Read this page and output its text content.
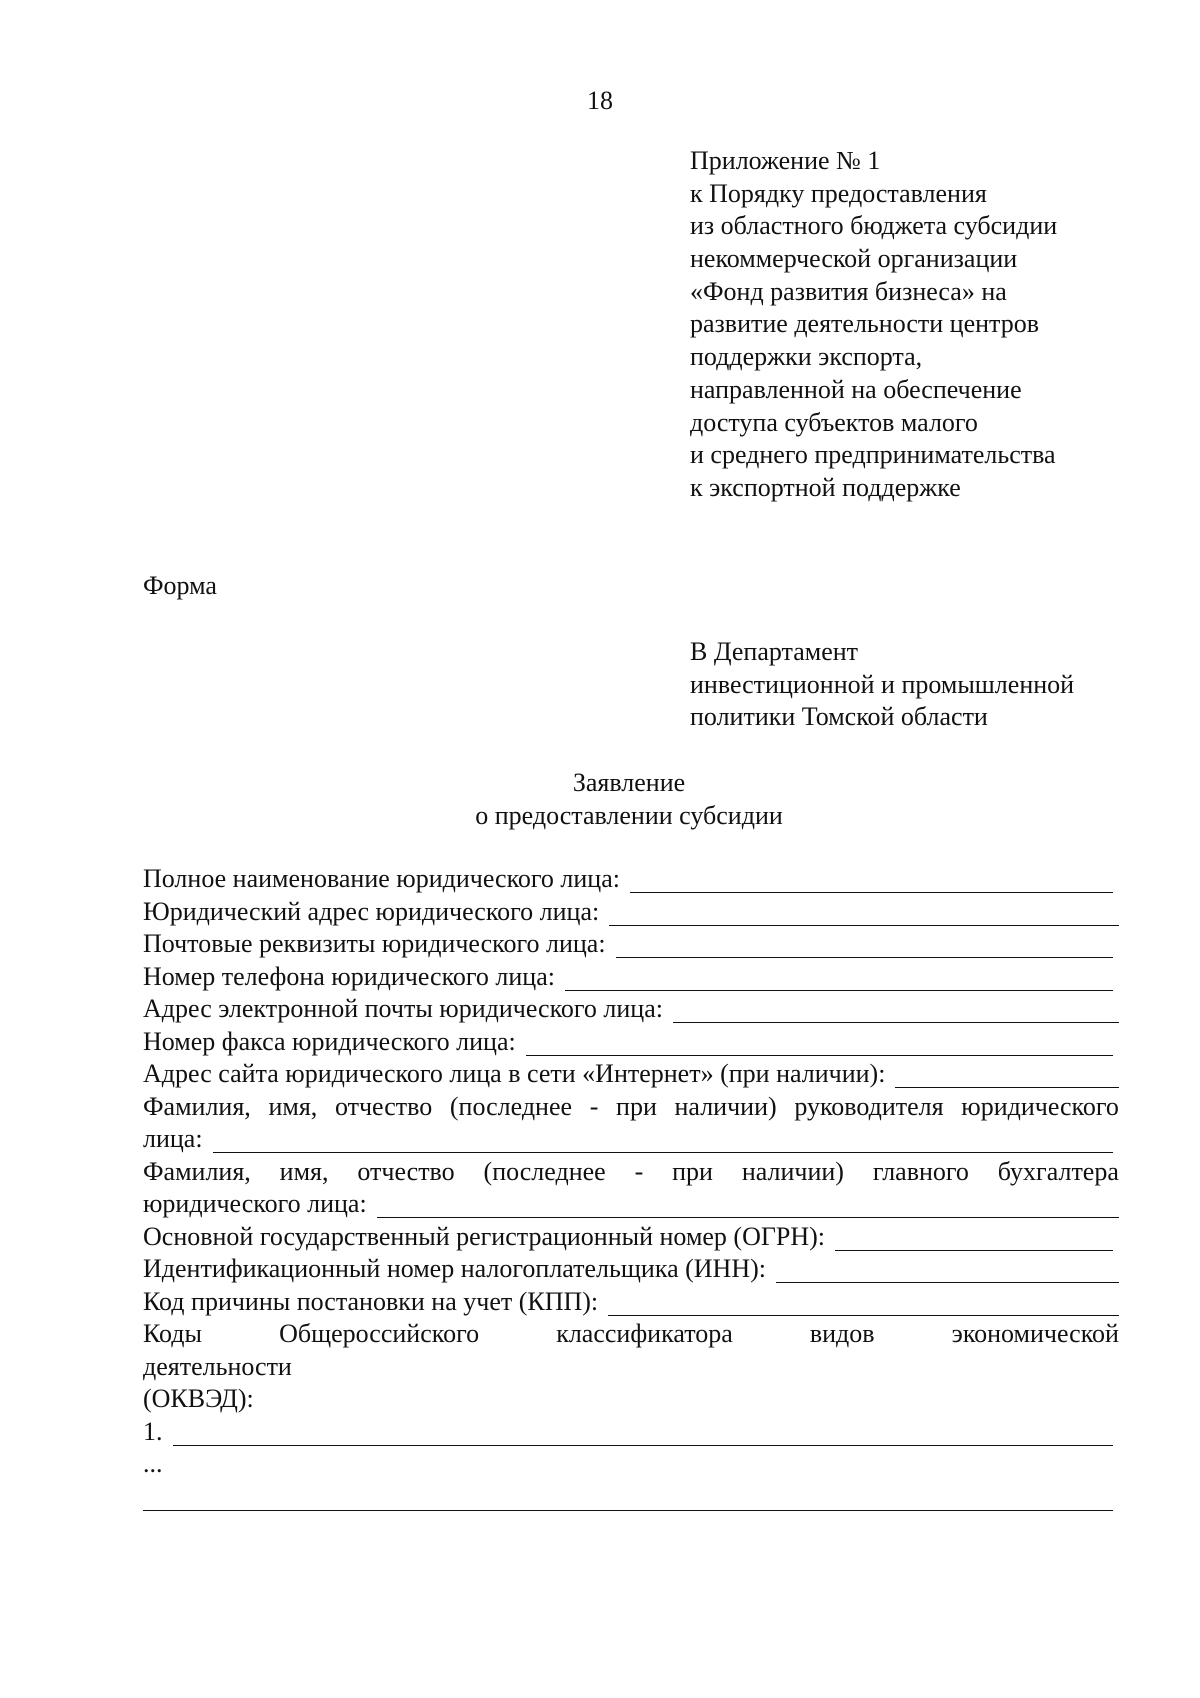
18
Приложение № 1
к Порядку предоставления
из областного бюджета субсидии
некоммерческой организации
«Фонд развития бизнеса» на
развитие деятельности центров
поддержки экспорта,
направленной на обеспечение
доступа субъектов малого
и среднего предпринимательства
к экспортной поддержке
Форма
В Департамент
инвестиционной и промышленной
политики Томской области
Заявление
о предоставлении субсидии
Полное наименование юридического лица:
Юридический адрес юридического лица:
Почтовые реквизиты юридического лица:
Номер телефона юридического лица:
Адрес электронной почты юридического лица:
Номер факса юридического лица:
Адрес сайта юридического лица в сети «Интернет» (при наличии):
Фамилия, имя, отчество (последнее - при наличии) руководителя юридического
лица:
Фамилия, имя, отчество (последнее - при наличии) главного бухгалтера
юридического лица:
Основной государственный регистрационный номер (ОГРН):
Идентификационный номер налогоплательщика (ИНН):
Код причины постановки на учет (КПП):
Коды	Общероссийского	классификатора	видов	экономической
деятельности
(ОКВЭД):
1.
...
